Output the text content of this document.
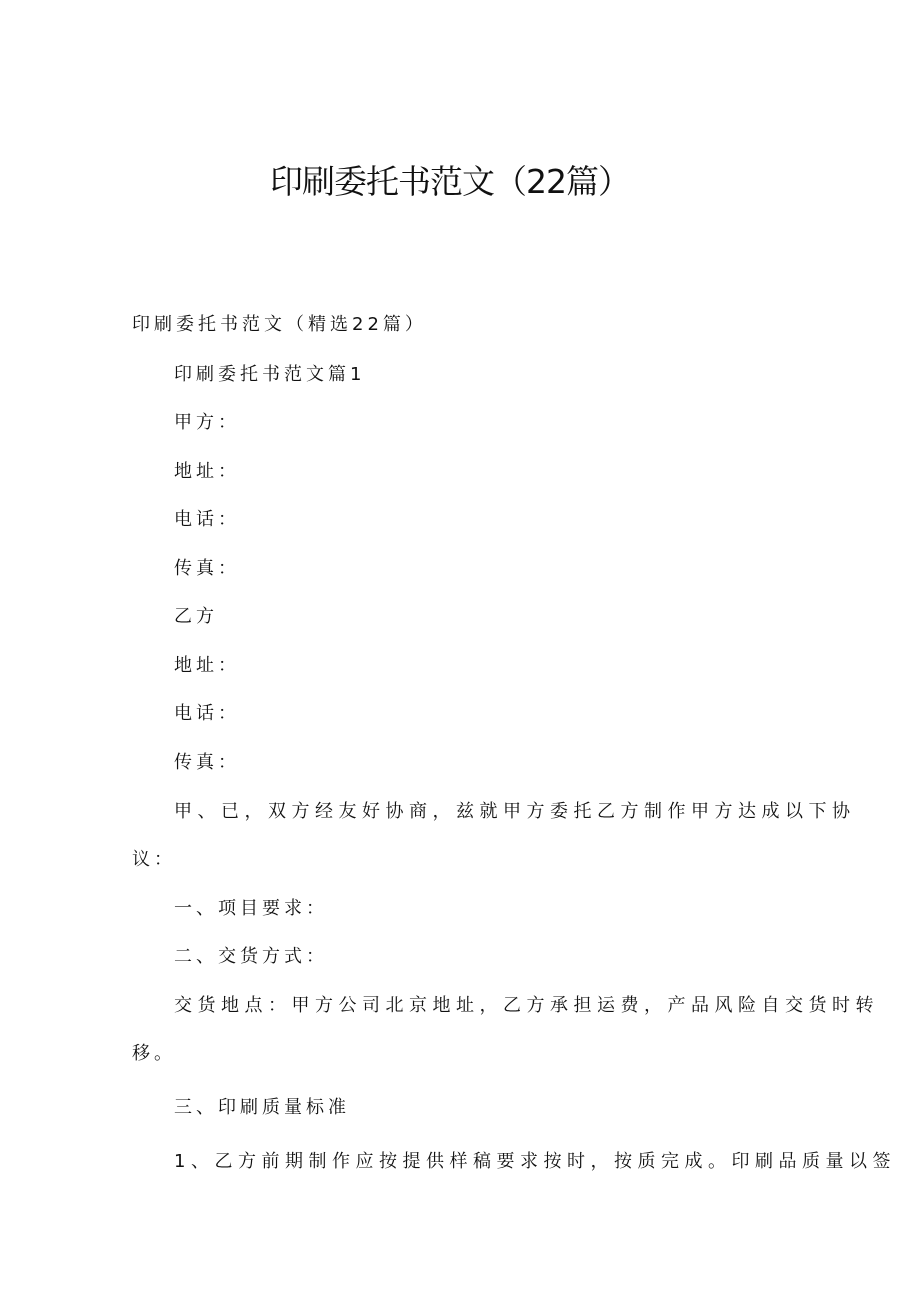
印刷委托书范文（22篇）

印刷委托书范文（精选22篇）

印刷委托书范文篇1

甲方：

地址：

电话：

传真：

乙方

地址：

电话：

传真：

甲、已，双方经友好协商，兹就甲方委托乙方制作甲方达成以下协

议：

一、项目要求：

二、交货方式：

交货地点：甲方公司北京地址，乙方承担运费，产品风险自交货时转

移。

三、印刷质量标准

1、乙方前期制作应按提供样稿要求按时，按质完成。印刷品质量以签
